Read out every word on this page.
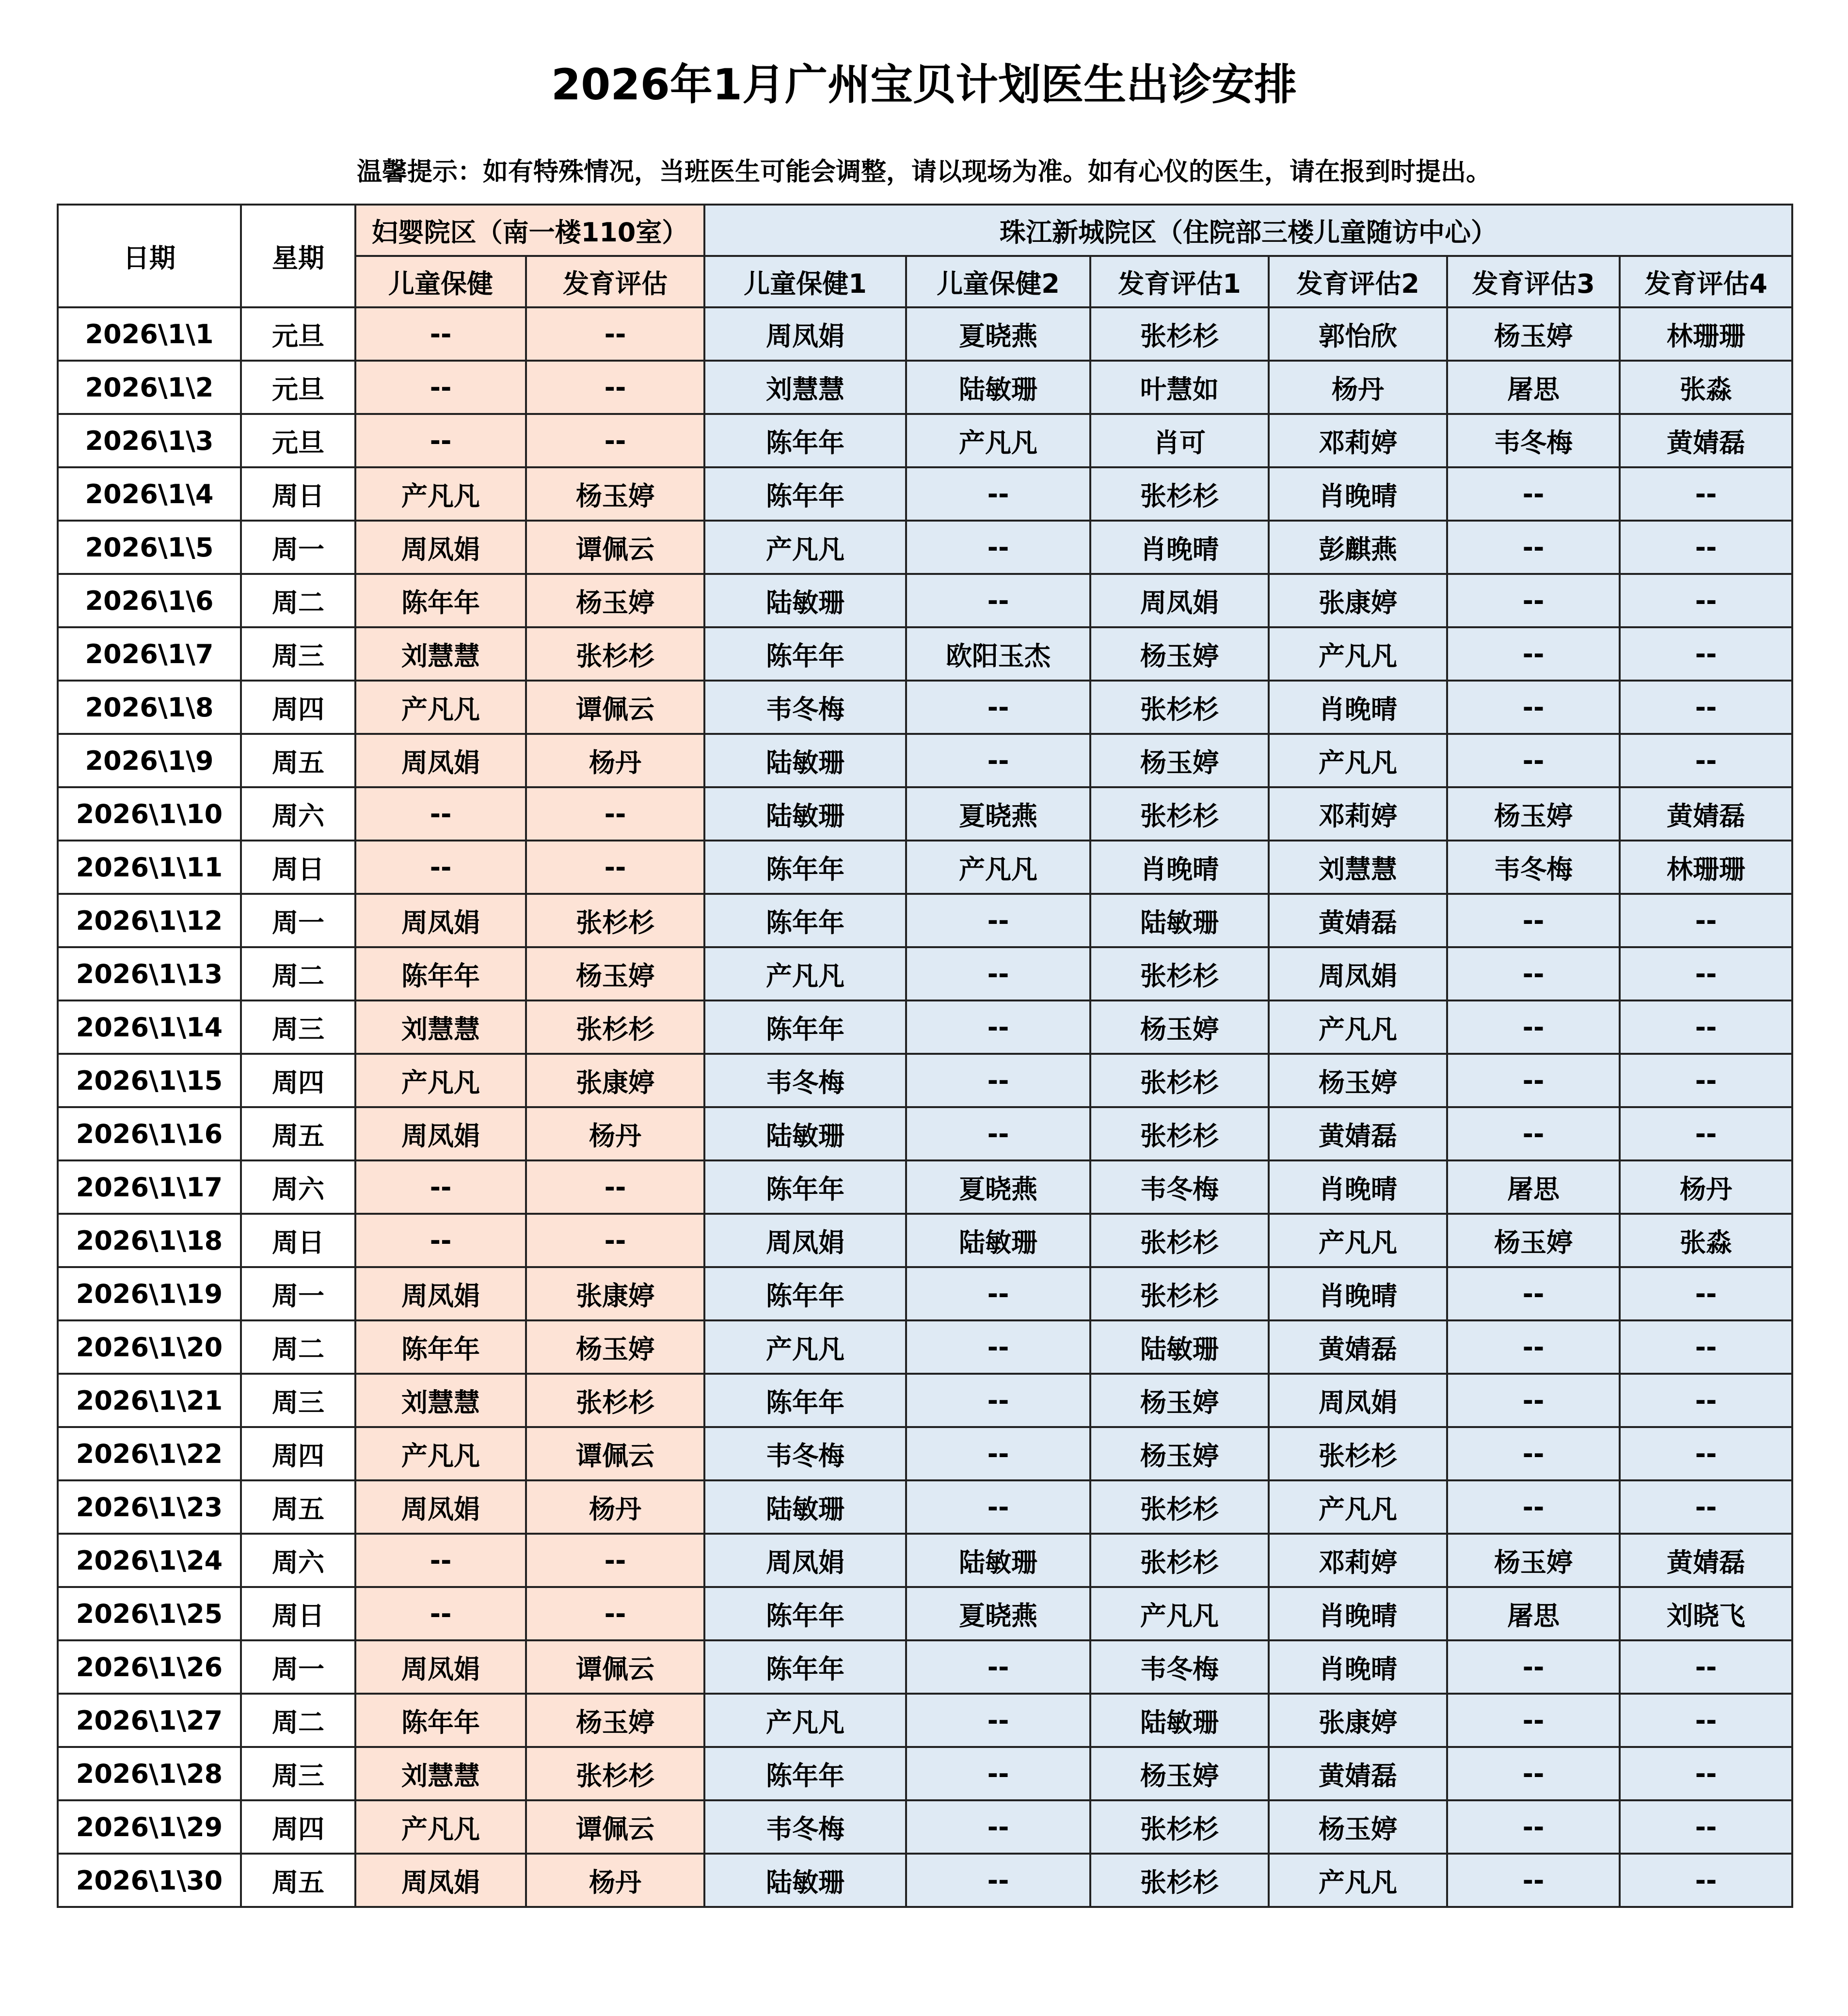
2026年1月广州宝贝计划医生出诊安排
温馨提示：如有特殊情况，当班医生可能会调整，请以现场为准。如有心仪的医生，请在报到时提出。
日期	星期	妇婴院区（南一楼110室）		珠江新城院区（住院部三楼儿童随访中心）					
		儿童保健	发育评估	儿童保健1	儿童保健2	发育评估1	发育评估2	发育评估3	发育评估4
2026\1\1	元旦	--	--	周凤娟	夏晓燕	张杉杉	郭怡欣	杨玉婷	林珊珊
2026\1\2	元旦	--	--	刘慧慧	陆敏珊	叶慧如	杨丹	屠思	张淼
2026\1\3	元旦	--	--	陈年年	产凡凡	肖可	邓莉婷	韦冬梅	黄婧磊
2026\1\4	周日	产凡凡	杨玉婷	陈年年	--	张杉杉	肖晚晴	--	--
2026\1\5	周一	周凤娟	谭佩云	产凡凡	--	肖晚晴	彭麒燕	--	--
2026\1\6	周二	陈年年	杨玉婷	陆敏珊	--	周凤娟	张康婷	--	--
2026\1\7	周三	刘慧慧	张杉杉	陈年年	欧阳玉杰	杨玉婷	产凡凡	--	--
2026\1\8	周四	产凡凡	谭佩云	韦冬梅	--	张杉杉	肖晚晴	--	--
2026\1\9	周五	周凤娟	杨丹	陆敏珊	--	杨玉婷	产凡凡	--	--
2026\1\10	周六	--	--	陆敏珊	夏晓燕	张杉杉	邓莉婷	杨玉婷	黄婧磊
2026\1\11	周日	--	--	陈年年	产凡凡	肖晚晴	刘慧慧	韦冬梅	林珊珊
2026\1\12	周一	周凤娟	张杉杉	陈年年	--	陆敏珊	黄婧磊	--	--
2026\1\13	周二	陈年年	杨玉婷	产凡凡	--	张杉杉	周凤娟	--	--
2026\1\14	周三	刘慧慧	张杉杉	陈年年	--	杨玉婷	产凡凡	--	--
2026\1\15	周四	产凡凡	张康婷	韦冬梅	--	张杉杉	杨玉婷	--	--
2026\1\16	周五	周凤娟	杨丹	陆敏珊	--	张杉杉	黄婧磊	--	--
2026\1\17	周六	--	--	陈年年	夏晓燕	韦冬梅	肖晚晴	屠思	杨丹
2026\1\18	周日	--	--	周凤娟	陆敏珊	张杉杉	产凡凡	杨玉婷	张淼
2026\1\19	周一	周凤娟	张康婷	陈年年	--	张杉杉	肖晚晴	--	--
2026\1\20	周二	陈年年	杨玉婷	产凡凡	--	陆敏珊	黄婧磊	--	--
2026\1\21	周三	刘慧慧	张杉杉	陈年年	--	杨玉婷	周凤娟	--	--
2026\1\22	周四	产凡凡	谭佩云	韦冬梅	--	杨玉婷	张杉杉	--	--
2026\1\23	周五	周凤娟	杨丹	陆敏珊	--	张杉杉	产凡凡	--	--
2026\1\24	周六	--	--	周凤娟	陆敏珊	张杉杉	邓莉婷	杨玉婷	黄婧磊
2026\1\25	周日	--	--	陈年年	夏晓燕	产凡凡	肖晚晴	屠思	刘晓飞
2026\1\26	周一	周凤娟	谭佩云	陈年年	--	韦冬梅	肖晚晴	--	--
2026\1\27	周二	陈年年	杨玉婷	产凡凡	--	陆敏珊	张康婷	--	--
2026\1\28	周三	刘慧慧	张杉杉	陈年年	--	杨玉婷	黄婧磊	--	--
2026\1\29	周四	产凡凡	谭佩云	韦冬梅	--	张杉杉	杨玉婷	--	--
2026\1\30	周五	周凤娟	杨丹	陆敏珊	--	张杉杉	产凡凡	--	--
